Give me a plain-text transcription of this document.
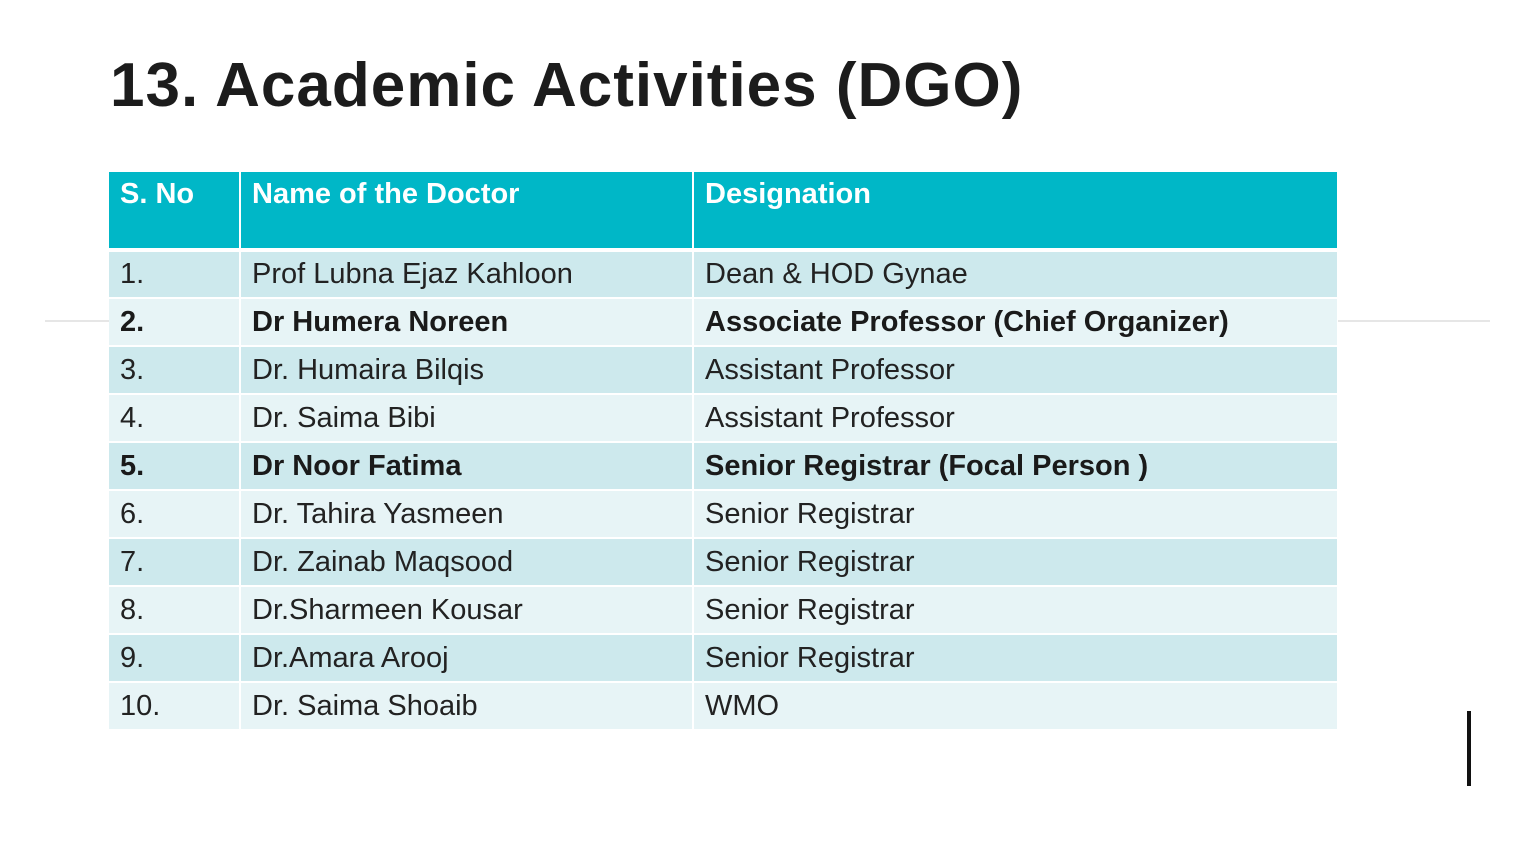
13. Academic Activities (DGO)
S. No	Name of the Doctor	Designation
1.	Prof Lubna Ejaz Kahloon	Dean & HOD Gynae
2.	Dr Humera Noreen	Associate Professor (Chief Organizer)
3.	Dr. Humaira Bilqis	Assistant Professor
4.	Dr. Saima Bibi	Assistant Professor
5.	Dr Noor Fatima	Senior Registrar (Focal Person )
6.	Dr. Tahira Yasmeen	Senior Registrar
7.	Dr. Zainab Maqsood	Senior Registrar
8.	Dr.Sharmeen Kousar	Senior Registrar
9.	Dr.Amara Arooj	Senior Registrar
10.	Dr. Saima Shoaib	WMO
